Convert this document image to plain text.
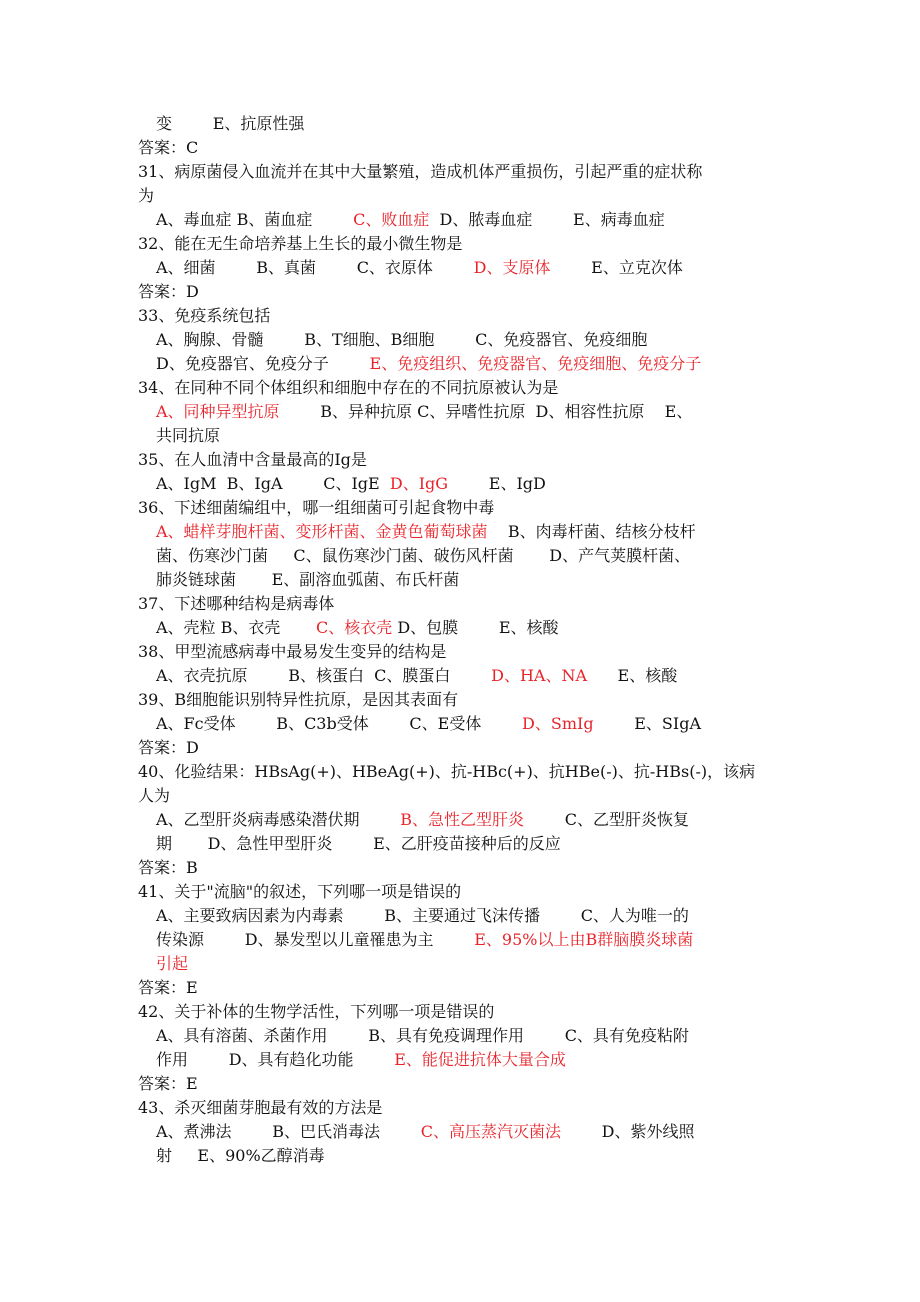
变        E、抗原性强
答案：C
31、病原菌侵入血流并在其中大量繁殖，造成机体严重损伤，引起严重的症状称
为
A、毒血症 B、菌血症        C、败血症  D、脓毒血症        E、病毒血症
32、能在无生命培养基上生长的最小微生物是
A、细菌        B、真菌        C、衣原体        D、支原体        E、立克次体
答案：D
33、免疫系统包括
A、胸腺、骨髓        B、T细胞、B细胞        C、免疫器官、免疫细胞
D、免疫器官、免疫分子        E、免疫组织、免疫器官、免疫细胞、免疫分子
34、在同种不同个体组织和细胞中存在的不同抗原被认为是
A、同种异型抗原        B、异种抗原 C、异嗜性抗原  D、相容性抗原    E、
共同抗原
35、在人血清中含量最高的Ig是
A、IgM  B、IgA        C、IgE  D、IgG        E、IgD
36、下述细菌编组中，哪一组细菌可引起食物中毒
A、蜡样芽胞杆菌、变形杆菌、金黄色葡萄球菌    B、肉毒杆菌、结核分枝杆
菌、伤寒沙门菌     C、鼠伤寒沙门菌、破伤风杆菌       D、产气荚膜杆菌、
肺炎链球菌       E、副溶血弧菌、布氏杆菌
37、下述哪种结构是病毒体
A、壳粒 B、衣壳       C、核衣壳 D、包膜        E、核酸
38、甲型流感病毒中最易发生变异的结构是
A、衣壳抗原        B、核蛋白  C、膜蛋白        D、HA、NA      E、核酸
39、B细胞能识别特异性抗原，是因其表面有
A、Fc受体        B、C3b受体        C、E受体        D、SmIg        E、SIgA
答案：D
40、化验结果：HBsAg(+)、HBeAg(+)、抗-HBc(+)、抗HBe(-)、抗-HBs(-)，该病
人为
A、乙型肝炎病毒感染潜伏期        B、急性乙型肝炎        C、乙型肝炎恢复
期       D、急性甲型肝炎        E、乙肝疫苗接种后的反应
答案：B
41、关于"流脑"的叙述，下列哪一项是错误的
A、主要致病因素为内毒素        B、主要通过飞沫传播        C、人为唯一的
传染源        D、暴发型以儿童罹患为主        E、95%以上由B群脑膜炎球菌
引起
答案：E
42、关于补体的生物学活性，下列哪一项是错误的
A、具有溶菌、杀菌作用        B、具有免疫调理作用        C、具有免疫粘附
作用        D、具有趋化功能        E、能促进抗体大量合成
答案：E
43、杀灭细菌芽胞最有效的方法是
A、煮沸法        B、巴氏消毒法        C、高压蒸汽灭菌法        D、紫外线照
射     E、90%乙醇消毒
